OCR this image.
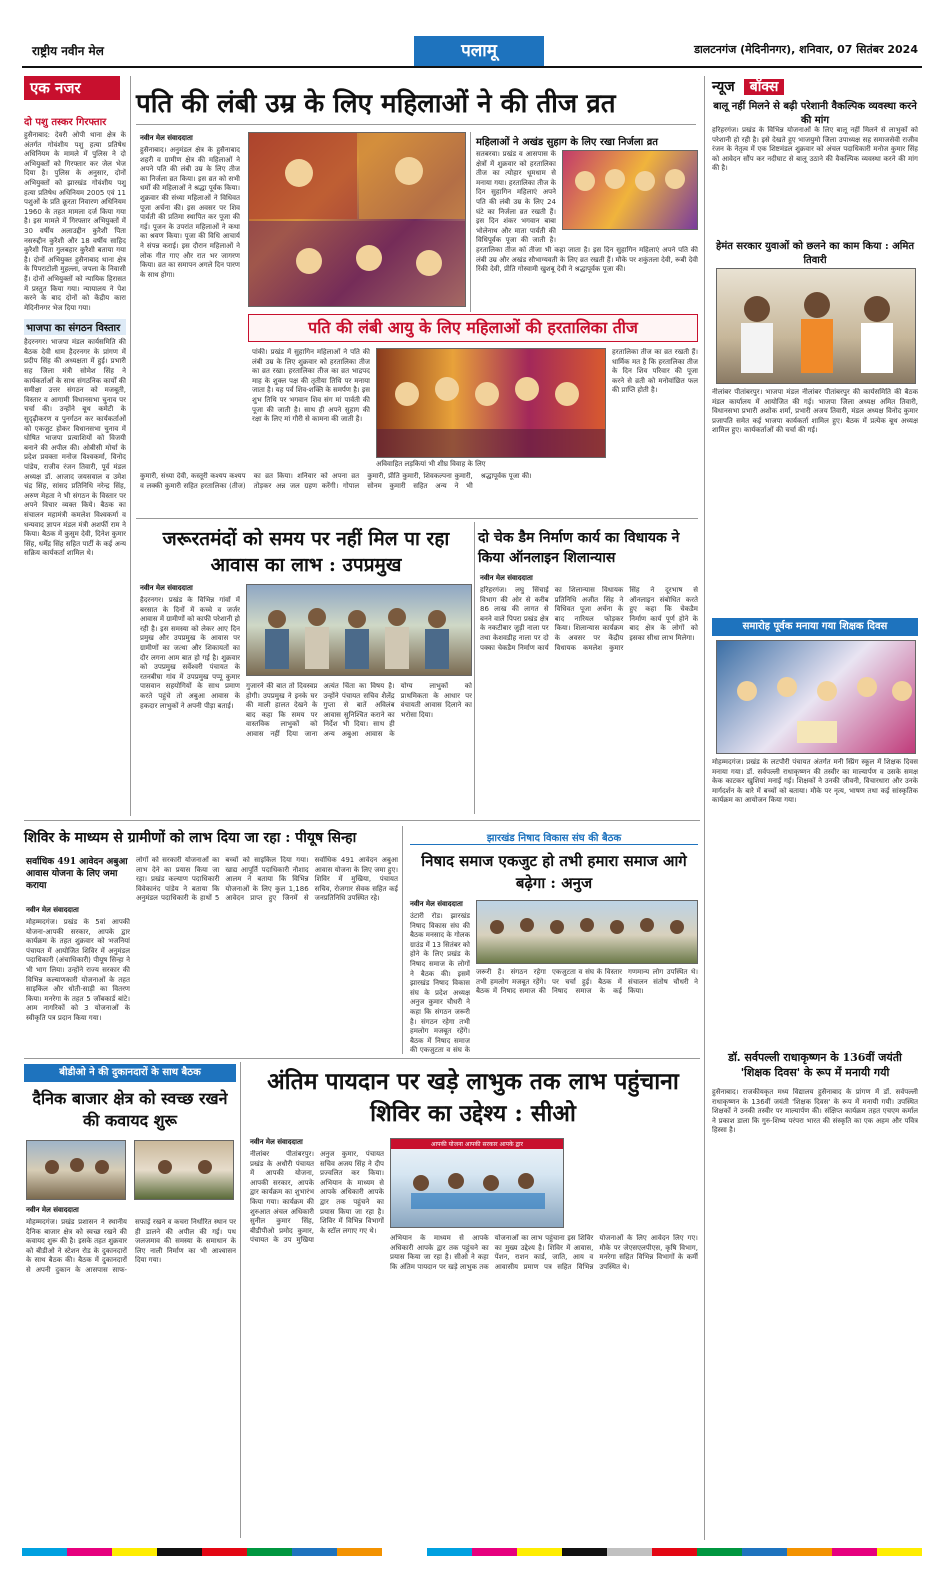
राष्ट्रीय नवीन मेल	पलामू	डालटनगंज (मेदिनीनगर), शनिवार, 07 सितंबर 2024
एक नजर
दो पशु तस्कर गिरफ्तार
हुसैनाबाद: देवरी ओपी थाना क्षेत्र के अंतर्गत गोवंशीय पशु हत्या प्रतिषेध अधिनियम के मामले में पुलिस ने दो अभियुक्तों को गिरफ्तार कर जेल भेज दिया है। पुलिस के अनुसार, दोनों अभियुक्तों को झारखंड गोवंशीय पशु हत्या प्रतिषेध अधिनियम 2005 एवं 11 पशुओं के प्रति क्रूरता निवारण अधिनियम 1960 के तहत मामला दर्ज किया गया है। इस मामले में गिरफ्तार अभियुक्तों में 30 वर्षीय अलाउद्दीन कुरैशी पिता नसरुद्दीन कुरैशी और 18 वर्षीय साहिद कुरैशी पिता गुलबहार कुरैशी बताया गया है। दोनों अभियुक्त हुसैनाबाद थाना क्षेत्र के पिपराटोली मुहल्ला, जपला के निवासी हैं। दोनों अभियुक्तों को न्यायिक हिरासत में प्रस्तुत किया गया। न्यायालय ने पेश करने के बाद दोनों को केंद्रीय कारा मेदिनीनगर भेज दिया गया।
भाजपा का संगठन विस्तार
हैदरनगर। भाजपा मंडल कार्यसमिति की बैठक देवी धाम हैदरनगर के प्रांगण में प्रदीप सिंह की अध्यक्षता में हुई। प्रभारी सह जिला मंत्री सोमेश सिंह ने कार्यकर्ताओं के साथ संगठनिक कार्यों की समीक्षा उत्तर संगठन को मजबूती, विस्तार व आगामी विधानसभा चुनाव पर चर्चा की। उन्होंने बूथ कमेटी के सुदृढ़ीकरण व पुनर्गठन कर कार्यकर्ताओं को एकजुट होकर विधानसभा चुनाव में घोषित भाजपा प्रत्याशियों को विजयी बनाने की अपील की। ओबीसी मोर्चा के प्रदेश प्रवक्ता मनोज विश्वकर्मा, विनोद पांडेय, राजीव रंजन तिवारी, पूर्व मंडल अध्यक्ष डॉ. आजाद जयसवाल व उमेश चंद्र सिंह, सांसद प्रतिनिधि नरेन्द्र सिंह, अरुण मेहता ने भी संगठन के विस्तार पर अपने विचार व्यक्त किये। बैठक का संचालन महामंत्री कमलेश विश्वकर्मा व धन्यवाद ज्ञापन मंडल मंत्री अशर्फी राम ने किया। बैठक में कुसुम देवी, दिनेश कुमार सिंह, धर्मेंद्र सिंह सहित पार्टी के कई अन्य सक्रिय कार्यकर्ता शामिल थे।
पति की लंबी उम्र के लिए महिलाओं ने की तीज व्रत
नवीन मेल संवाददाता
हुसैनाबाद। अनुमंडल क्षेत्र के हुसैनाबाद शहरी व ग्रामीण क्षेत्र की महिलाओं ने अपने पति की लंबी उम्र के लिए तीज का निर्जला व्रत किया। इस व्रत को सभी धर्मों की महिलाओं ने श्रद्धा पूर्वक किया। शुक्रवार की संध्या महिलाओं ने विधिवत पूजा अर्चना की। इस अवसर पर शिव पार्वती की प्रतिमा स्थापित कर पूजा की गई। पूजन के उपरांत महिलाओं ने कथा का श्रवण किया। पूजा की विधि आचार्य ने संपन्न कराई। इस दौरान महिलाओं ने लोक गीत गाए और रात भर जागरण किया। व्रत का समापन अगले दिन पारण के साथ होगा।
महिलाओं ने अखंड सुहाग के लिए रखा निर्जला व्रत
सतबरवा। प्रखंड व आसपास के क्षेत्रों में शुक्रवार को हरतालिका तीज का त्योहार धूमधाम से मनाया गया। हरतालिका तीज के दिन सुहागिन महिलाएं अपने पति की लंबी उम्र के लिए 24 घंटे का निर्जला व्रत रखती हैं। इस दिन शंकर भगवान बाबा भोलेनाथ और माता पार्वती की विधिपूर्वक पूजा की जाती है।
हरतालिका तीज को तीजा भी कहा जाता है। इस दिन सुहागिन महिलाएं अपने पति की लंबी उम्र और अखंड सौभाग्यवती के लिए व्रत रखती हैं। मौके पर शकुंतला देवी, रूबी देवी रिंकी देवी, प्रीति गोस्वामी खुशबू देवी ने श्रद्धापूर्वक पूजा की।
पति की लंबी आयु के लिए महिलाओं की हरतालिका तीज
पांकी। प्रखंड में सुहागिन महिलाओं ने पति की लंबी उम्र के लिए शुक्रवार को हरतालिका तीज का व्रत रखा। हरतालिका तीज का व्रत भाद्रपद माह के शुक्ल पक्ष की तृतीया तिथि पर मनाया जाता है। यह पर्व शिव-शक्ति के समर्पण है। इस शुभ तिथि पर भगवान शिव संग मां पार्वती की पूजा की जाती है। साथ ही अपने सुहाग की रक्षा के लिए मां गौरी से कामना की जाती है।
अविवाहित लड़कियां भी शीघ्र विवाह के लिए
हरतालिका तीज का व्रत रखती हैं। धार्मिक मत है कि हरतालिका तीज के दिन शिव परिवार की पूजा करने से व्रती को मनोवांछित फल की प्राप्ति होती है।
कुमारी, संध्या देवी, कस्तूरी कश्यप कश्यप व लक्की कुमारी सहित हरतालिका (तीज) का व्रत किया। शनिवार को अपना व्रत तोड़कर अन्न जल ग्रहण करेंगी। गोपाल कुमारी, प्रीति कुमारी, शिवकल्पना कुमारी, सोनम कुमारी सहित अन्य ने भी श्रद्धापूर्वक पूजा की।
जरूरतमंदों को समय पर नहीं मिल पा रहा आवास का लाभ : उपप्रमुख
नवीन मेल संवाददाता
हैदरनगर। प्रखंड के विभिन्न गांवों में बरसात के दिनों में कच्चे व जर्जर आवास में ग्रामीणों को काफी परेशानी हो रही है। इस समस्या को लेकर आए दिन प्रमुख और उपप्रमुख के आवास पर ग्रामीणों का जत्था और शिकायतों का दौर लगना आम बात हो गई है। शुक्रवार को उपप्रमुख सर्वेश्वरी पंचायत के रतनबीघा गांव में उपप्रमुख पप्पू कुमार पासवान सहयोगियों के साथ प्रमाण करते पहुंचे तो अबुआ आवास के हकदार लाभुकों ने अपनी पीड़ा बताई।
गुजारने की बात तो दिवस्वप्न होगी। उपप्रमुख ने इनके घर की माली हालत देखने के बाद कहा कि समय पर वास्तविक लाभुकों को आवास नहीं दिया जाना अत्यंत चिंता का विषय है। उन्होंने पंचायत सचिव शैलेंद्र गुप्ता से बातें अविलंब आवास सुनिश्चित कराने का निर्देश भी दिया। साथ ही अन्य अबुआ आवास के योग्य लाभुकों को प्राथमिकता के आधार पर वंचायती आवास दिलाने का भरोसा दिया।
दो चेक डैम निर्माण कार्य का विधायक ने किया ऑनलाइन शिलान्यास
नवीन मेल संवाददाता
हरिहरगंज। लघु सिंचाई विभाग की ओर से करीब 86 लाख की लागत से बनने वाले पिपरा प्रखंड क्षेत्र के नकटीबार जुड़ी नाला पर तथा केशवडीह नाला पर दो पक्का चेकडैम निर्माण कार्य का शिलान्यास विधायक प्रतिनिधि अजीत सिंह ने विधिवत पूजा अर्चना के बाद नारियल फोड़कर किया। शिलान्यास कार्यक्रम के अवसर पर केंद्रीय विधायक कमलेश कुमार सिंह ने दूरभाष से ऑनलाइन संबोधित करते हुए कहा कि चेकडैम निर्माण कार्य पूर्ण होने के बाद क्षेत्र के लोगों को इसका सीधा लाभ मिलेगा।
न्यूज बॉक्स
बालू नहीं मिलने से बढ़ी परेशानी वैकल्पिक व्यवस्था करने की मांग
हरिहरगंज। प्रखंड के विभिन्न योजनाओं के लिए बालू नहीं मिलने से लाभुकों को परेशानी हो रही है। इसे देखते हुए भाजयुमो जिला उपाध्यक्ष सह समाजसेवी राजीव रंजन के नेतृत्व में एक शिष्टमंडल शुक्रवार को अंचल पदाधिकारी मनोज कुमार सिंह को आवेदन सौंप कर नदीघाट से बालू उठाने की वैकल्पिक व्यवस्था करने की मांग की है।
हेमंत सरकार युवाओं को छलने का काम किया : अमित तिवारी
नीलांबर पीतांबरपुर। भाजपा मंडल नीलांबर पीतांबरपुर की कार्यसमिति की बैठक मंडल कार्यालय में आयोजित की गई। भाजपा जिला अध्यक्ष अमित तिवारी, विधानसभा प्रभारी अशोक शर्मा, प्रभारी अजय तिवारी, मंडल अध्यक्ष विनोद कुमार प्रजापति समेत कई भाजपा कार्यकर्ता शामिल हुए। बैठक में प्रत्येक बूथ अध्यक्ष शामिल हुए। कार्यकर्ताओं की चर्चा की गई।
समारोह पूर्वक मनाया गया शिक्षक दिवस
मोहम्मदगंज। प्रखंड के लटपौरी पंचायत अंतर्गत मनी स्प्रिंग स्कूल में शिक्षक दिवस मनाया गया। डॉ. सर्वपल्ली राधाकृष्णन की तस्वीर का माल्यार्पण व उसके समक्ष केक काटकर खुशियां मनाई गई। शिक्षकों ने उनकी जीवनी, विचारधारा और उनके मार्गदर्शन के बारे में बच्चों को बताया। मौके पर नृत्य, भाषण तथा कई सांस्कृतिक कार्यक्रम का आयोजन किया गया।
डॉ. सर्वपल्ली राधाकृष्णन के 136वीं जयंती 'शिक्षक दिवस' के रूप में मनायी गयी
हुसैनाबाद। राजकीयकृत मध्य विद्यालय हुसैनाबाद के प्रांगण में डॉ. सर्वपल्ली राधाकृष्णन के 136वीं जयंती 'शिक्षक दिवस' के रूप में मनायी गयी। उपस्थित शिक्षकों ने उनकी तस्वीर पर माल्यार्पण की। संक्षिप्त कार्यक्रम तहत एचएम कर्माल ने प्रकाश डाला कि गुरु-शिष्य परंपरा भारत की संस्कृति का एक अहम और पवित्र हिस्सा है।
शिविर के माध्यम से ग्रामीणों को लाभ दिया जा रहा : पीयूष सिन्हा
सर्वाधिक 491 आवेदन अबुआ आवास योजना के लिए जमा कराया
नवीन मेल संवाददाता
मोहम्मदगंज। प्रखंड के 5वां आपकी योजना-आपकी सरकार, आपके द्वार कार्यक्रम के तहत शुक्रवार को भजनियां पंचायत में आयोजित शिविर में अनुमंडल पदाधिकारी (अंचाधिकारी) पीयूष सिन्हा ने भी भाग लिया। उन्होंने राज्य सरकार की विभिन्न कल्याणकारी योजनाओं के तहत साइकिल और धोती-साड़ी का वितरण किया। मनरेगा के तहत 5 जॉबकार्ड बांटे। आम नागरिकों को 3 योजनाओं के स्वीकृति पत्र प्रदान किया गया।
लोगों को सरकारी योजनाओं का लाभ देने का प्रयास किया जा रहा। प्रखंड कल्याण पदाधिकारी विवेकानंद पांडेय ने बताया कि अनुमंडल पदाधिकारी के हाथों 5 बच्चों को साइकिल दिया गया। खाद्य आपूर्ति पदाधिकारी नौशाद आलम ने बताया कि विभिन्न योजनाओं के लिए कुल 1,186 आवेदन प्राप्त हुए जिनमें से सर्वाधिक 491 आवेदन अबुआ आवास योजना के लिए जमा हुए। शिविर में मुखिया, पंचायत सचिव, रोजगार सेवक सहित कई जनप्रतिनिधि उपस्थित रहे।
झारखंड निषाद विकास संघ की बैठक
निषाद समाज एकजुट हो तभी हमारा समाज आगे बढ़ेगा : अनुज
नवीन मेल संवाददाता
उंटारी रोड। झारखंड निषाद विकास संघ की बैठक मनसाद के गोलक ग्राउंड में 13 सितंबर को होने के लिए प्रखंड के निषाद समाज के लोगों ने बैठक की। इसमें झारखंड निषाद विकास संघ के प्रदेश अध्यक्ष अनुज कुमार चौधरी ने कहा कि संगठन जरूरी है। संगठन रहेगा तभी हमलोग मजबूत रहेंगे। बैठक में निषाद समाज की एकजुटता व संघ के
जरूरी है। संगठन रहेगा तभी हमलोग मजबूत रहेंगे। बैठक में निषाद समाज की एकजुटता व संघ के विस्तार पर चर्चा हुई। बैठक में निषाद समाज के कई गणमान्य लोग उपस्थित थे। संचालन संतोष चौधरी ने किया।
बीडीओ ने की दुकानदारों के साथ बैठक
दैनिक बाजार क्षेत्र को स्वच्छ रखने की कवायद शुरू
नवीन मेल संवाददाता
मोहम्मदगंज। प्रखंड प्रशासन ने स्थानीय दैनिक बाजार क्षेत्र को स्वच्छ रखने की कवायद शुरू की है। इसके तहत शुक्रवार को बीडीओ ने स्टेशन रोड के दुकानदारों के साथ बैठक की। बैठक में दुकानदारों से अपनी दुकान के आसपास साफ-सफाई रखने व कचरा निर्धारित स्थान पर ही डालने की अपील की गई। पथ जलजमाव की समस्या के समाधान के लिए नाली निर्माण का भी आश्वासन दिया गया।
अंतिम पायदान पर खड़े लाभुक तक लाभ पहुंचाना शिविर का उद्देश्य : सीओ
नवीन मेल संवाददाता
नीलांबर पीतांबरपुर। प्रखंड के अधौरी पंचायत में आपकी योजना, आपकी सरकार, आपके द्वार कार्यक्रम का शुभारंभ किया गया। कार्यक्रम की शुरुआत अंचल अधिकारी सुनील कुमार सिंह, बीडीपीओ प्रमोद कुमार, पंचायत के उप मुखिया अनुज कुमार, पंचायत सचिव अजय सिंह ने दीप प्रज्वलित कर किया। अभियान के माध्यम से आपके अधिकारी आपके द्वार तक पहुंचने का प्रयास किया जा रहा है। शिविर में विभिन्न विभागों के स्टॉल लगाए गए थे।
आपकी योजना आपकी सरकार आपके द्वार
अभियान के माध्यम से आपके अधिकारी आपके द्वार तक पहुंचने का प्रयास किया जा रहा है। सीओ ने कहा कि अंतिम पायदान पर खड़े लाभुक तक योजनाओं का लाभ पहुंचाना इस शिविर का मुख्य उद्देश्य है। शिविर में आवास, पेंशन, राशन कार्ड, जाति, आय व आवासीय प्रमाण पत्र सहित विभिन्न योजनाओं के लिए आवेदन लिए गए। मौके पर जेएसएलपीएस, कृषि विभाग, मनरेगा सहित विभिन्न विभागों के कर्मी उपस्थित थे।
